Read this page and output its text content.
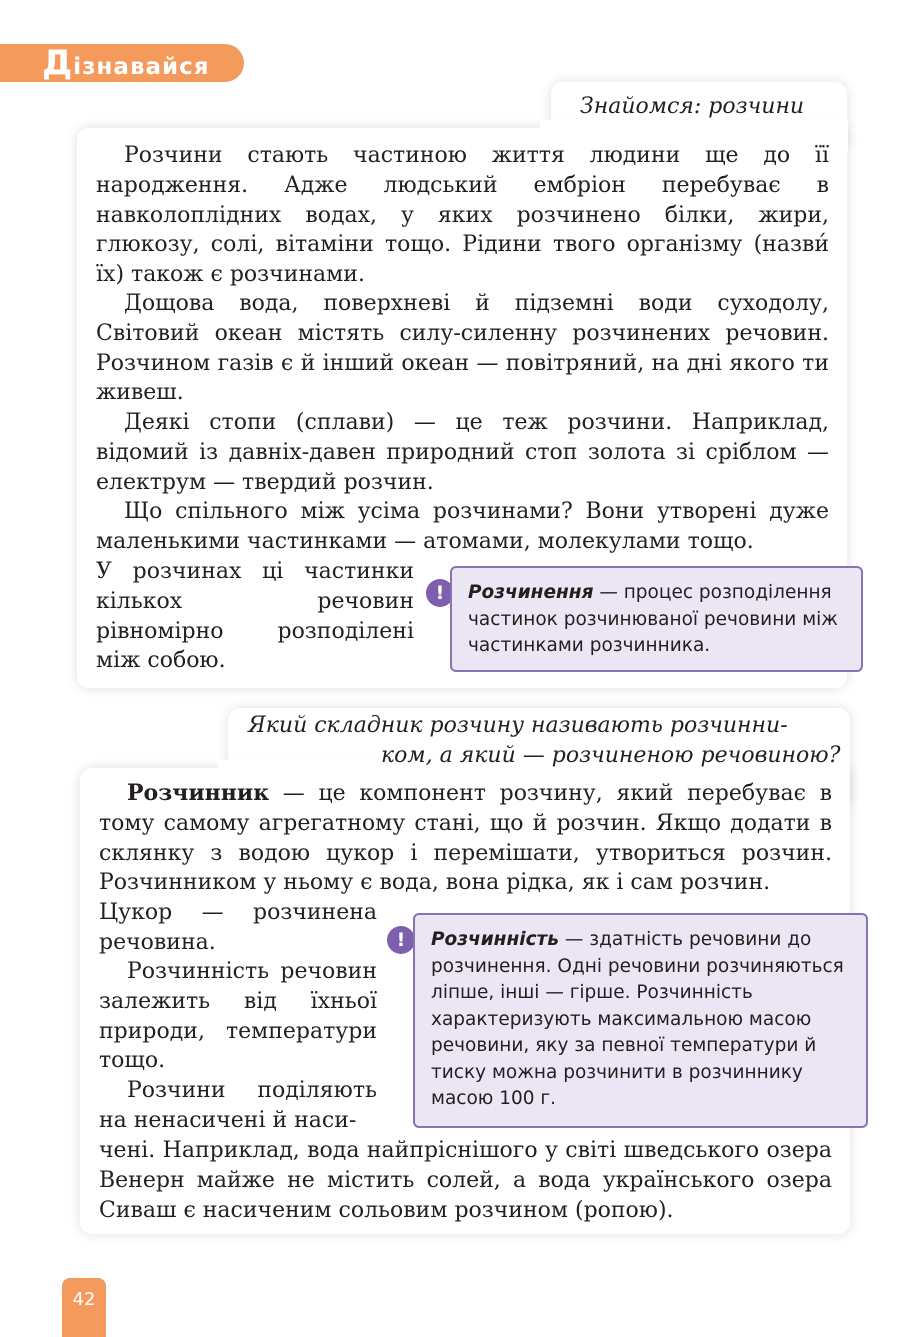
Дізнавайся
Знайомся: розчини

Розчини стають частиною життя людини ще до її народження. Адже людський ембріон перебуває в навколоплідних водах, у яких розчинено білки, жири, глюкозу, солі, вітаміни тощо. Рідини твого організму (назви́ їх) також є розчинами.

Дощова вода, поверхневі й підземні води суходолу, Світовий океан містять силу-силенну розчинених речовин. Розчином газів є й інший океан — повітряний, на дні якого ти живеш.

Деякі стопи (сплави) — це теж розчини. Наприклад, відомий із давніх-давен природний стоп золота зі сріблом — електрум — твердий розчин.

Що спільного між усіма розчинами? Вони утворені дуже маленькими частинками — атомами, молекулами тощо.

У розчинах ці частинки кількох речовин рівномірно розподілені між собою.

!	Розчинення — процес розподілення частинок розчинюваної речовини між частинками розчинника.
Який складник розчину називають розчинни-
ком, а який — розчиненою речовиною?

Розчинник — це компонент розчину, який перебуває в тому самому агрегатному стані, що й розчин. Якщо додати в склянку з водою цукор і перемішати, утвориться розчин. Розчинником у ньому є вода, вона рідка, як і сам розчин.

Цукор — розчинена речовина.

Розчинність речовин залежить від їхньої природи, температури тощо.

Розчини поділяють на ненасичені й наси-

чені. Наприклад, вода найпріснішого у світі шведського озера Венерн майже не містить солей, а вода українського озера Сиваш є насиченим сольовим розчином (ропою).

!	Розчинність — здатність речовини до розчинення. Одні речовини розчиняються ліпше, інші — гірше. Розчинність характеризують максимальною масою речовини, яку за певної температури й тиску можна розчинити в розчиннику масою 100 г.
42
